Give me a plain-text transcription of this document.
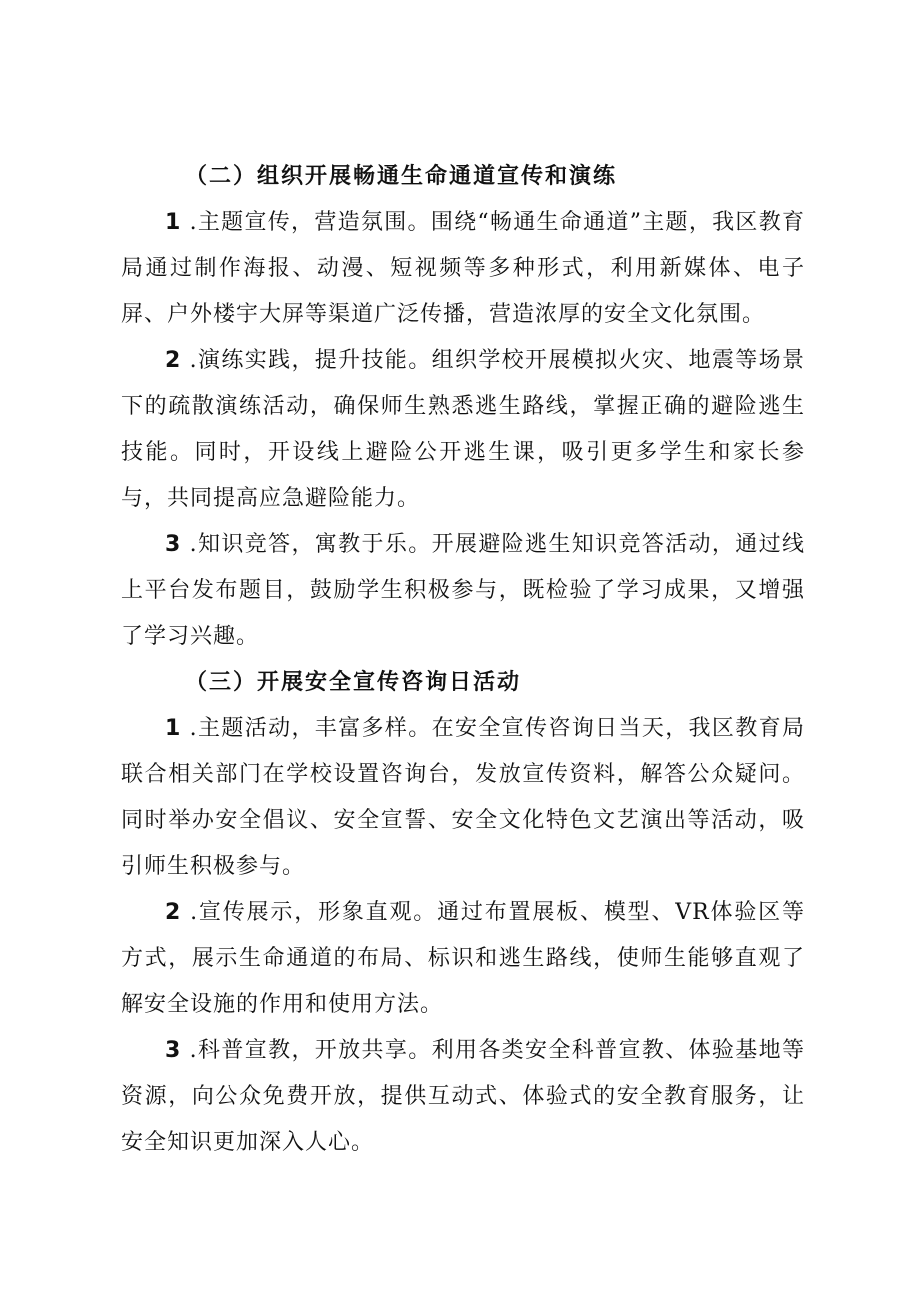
（二）组织开展畅通生命通道宣传和演练

1 .主题宣传，营造氛围。围绕“畅通生命通道”主题，我区教育局通过制作海报、动漫、短视频等多种形式，利用新媒体、电子屏、户外楼宇大屏等渠道广泛传播，营造浓厚的安全文化氛围。

2 .演练实践，提升技能。组织学校开展模拟火灾、地震等场景下的疏散演练活动，确保师生熟悉逃生路线，掌握正确的避险逃生技能。同时，开设线上避险公开逃生课，吸引更多学生和家长参与，共同提高应急避险能力。

3 .知识竞答，寓教于乐。开展避险逃生知识竞答活动，通过线上平台发布题目，鼓励学生积极参与，既检验了学习成果，又增强了学习兴趣。

（三）开展安全宣传咨询日活动

1 .主题活动，丰富多样。在安全宣传咨询日当天，我区教育局联合相关部门在学校设置咨询台，发放宣传资料，解答公众疑问。同时举办安全倡议、安全宣誓、安全文化特色文艺演出等活动，吸引师生积极参与。

2 .宣传展示，形象直观。通过布置展板、模型、VR体验区等方式，展示生命通道的布局、标识和逃生路线，使师生能够直观了解安全设施的作用和使用方法。

3 .科普宣教，开放共享。利用各类安全科普宣教、体验基地等资源，向公众免费开放，提供互动式、体验式的安全教育服务，让安全知识更加深入人心。
